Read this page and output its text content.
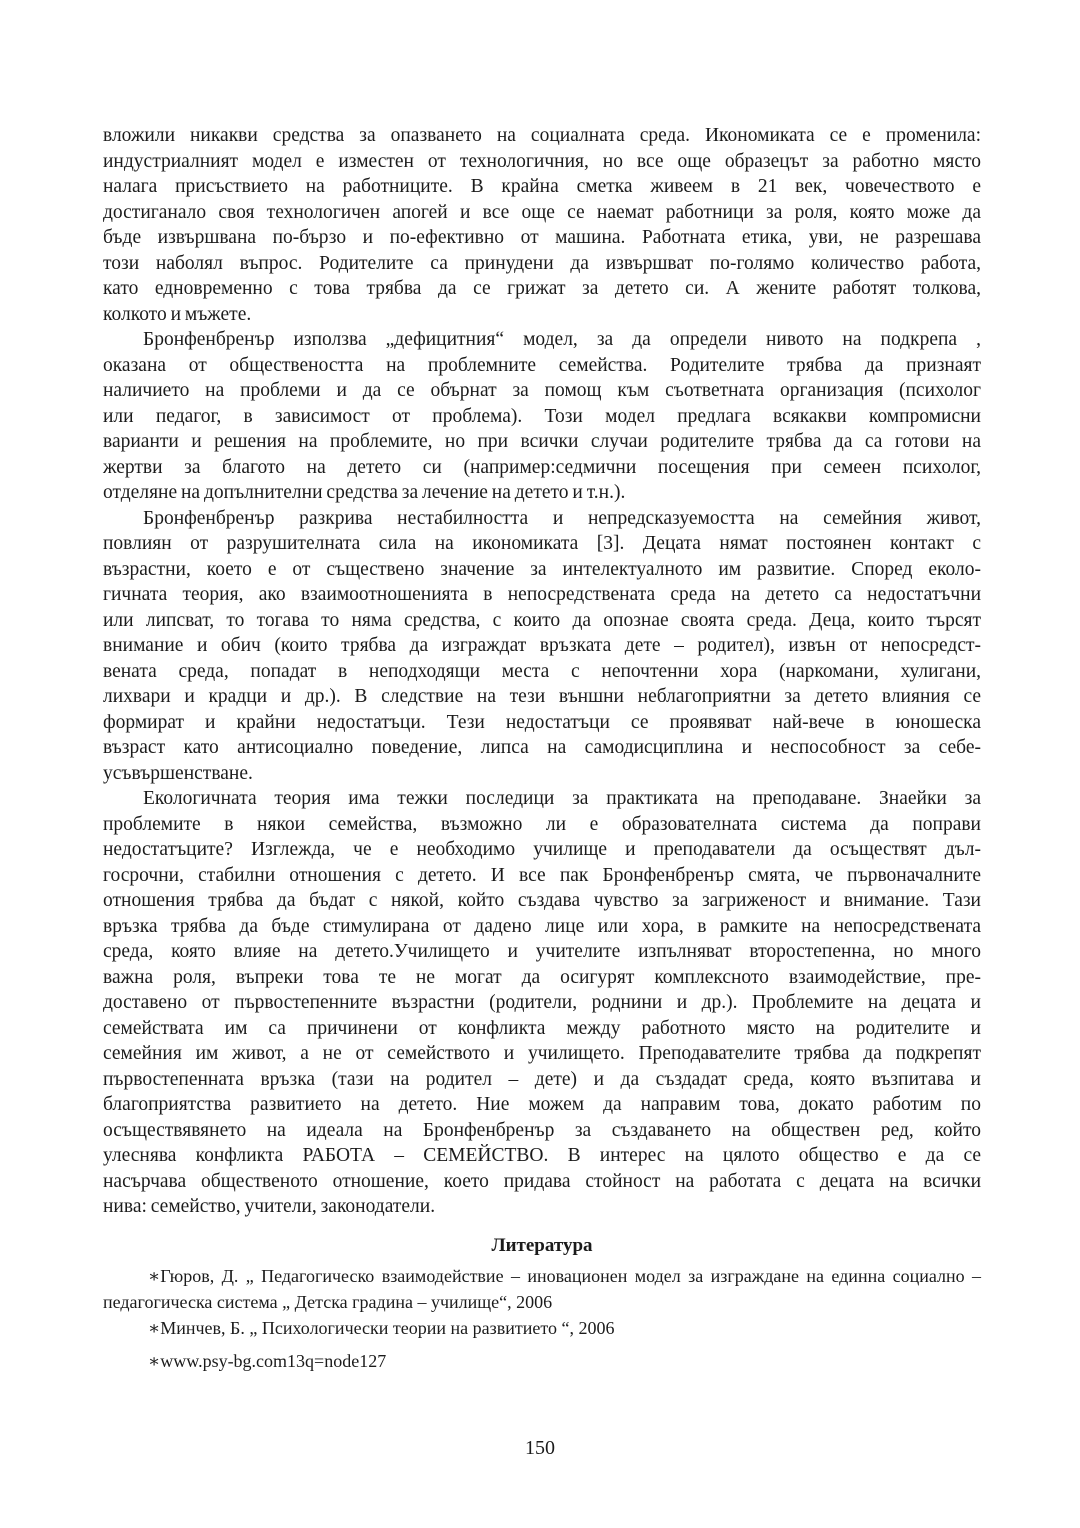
вложили никакви средства за опазването на социалната среда. Икономиката се е променила:
индустриалният модел е изместен от технологичния, но все още образецът за работно място
налага присъствието на работниците. В крайна сметка живеем в 21 век, човечеството е
достиганало своя технологичен апогей и все още се наемат работници за роля, която може да
бъде извършвана по-бързо и по-ефективно от машина. Работната етика, уви, не разрешава
този наболял въпрос. Родителите са принудени да извършват по-голямо количество работа,
като едновременно с това трябва да се грижат за детето си. А жените работят толкова,
колкото и мъжете.
Бронфенбренър използва „дефицитния“ модел, за да определи нивото на подкрепа ,
оказана от обществеността на проблемните семейства. Родителите трябва да признаят
наличието на проблеми и да се обърнат за помощ към съответната организация (психолог
или педагог, в зависимост от проблема). Този модел предлага всякакви компромисни
варианти и решения на проблемите, но при всички случаи родителите трябва да са готови на
жертви за благото на детето си (например:седмични посещения при семеен психолог,
отделяне на допълнителни средства за лечение на детето и т.н.).
Бронфенбренър разкрива нестабилността и непредсказуемостта на семейния живот,
повлиян от разрушителната сила на икономиката [3]. Децата нямат постоянен контакт с
възрастни, което е от съществено значение за интелектуалното им развитие. Според еколо-
гичната теория, ако взаимоотношенията в непосредствената среда на детето са недостатъчни
или липсват, то тогава то няма средства, с които да опознае своята среда. Деца, които търсят
внимание и обич (които трябва да изграждат връзката дете – родител), извън от непосредст-
вената среда, попадат в неподходящи места с непочтенни хора (наркомани, хулигани,
лихвари и крадци и др.). В следствие на тези външни неблагоприятни за детето влияния се
формират и крайни недостатъци. Тези недостатъци се проявяват най-вече в юношеска
възраст като антисоциално поведение, липса на самодисциплина и неспособност за себе-
усъвършенстване.
Екологичната теория има тежки последици за практиката на преподаване. Знаейки за
проблемите в някои семейства, възможно ли е образователната система да поправи
недостатъците? Изглежда, че е необходимо училище и преподаватели да осъществят дъл-
госрочни, стабилни отношения с детето. И все пак Бронфенбренър смята, че първоначалните
отношения трябва да бъдат с някой, който създава чувство за загриженост и внимание. Тази
връзка трябва да бъде стимулирана от дадено лице или хора, в рамките на непосредствената
среда, която влияе на детето.Училището и учителите изпълняват второстепенна, но много
важна роля, въпреки това те не могат да осигурят комплексното взаимодействие, пре-
доставено от първостепенните възрастни (родители, роднини и др.). Проблемите на децата и
семействата им са причинени от конфликта между работното място на родителите и
семейния им живот, а не от семейството и училището. Преподавателите трябва да подкрепят
първостепенната връзка (тази на родител – дете) и да създадат среда, която възпитава и
благоприятства развитието на детето. Ние можем да направим това, докато работим по
осъществявянето на идеала на Бронфенбренър за създаването на обществен ред, който
улеснява конфликта РАБОТА – СЕМЕЙСТВО. В интерес на цялото общество е да се
насърчава общественото отношение, което придава стойност на работата с децата на всички
нива: семейство, учители, законодатели.
Литература
∗Гюров, Д. „ Педагогическо взаимодействие – иновационен модел за изграждане на единна социално –
педагогическа система „ Детска градина – училище“, 2006
∗Минчев, Б. „ Психологически теории на развитието “, 2006
∗www.psy-bg.com13q=node127
150
